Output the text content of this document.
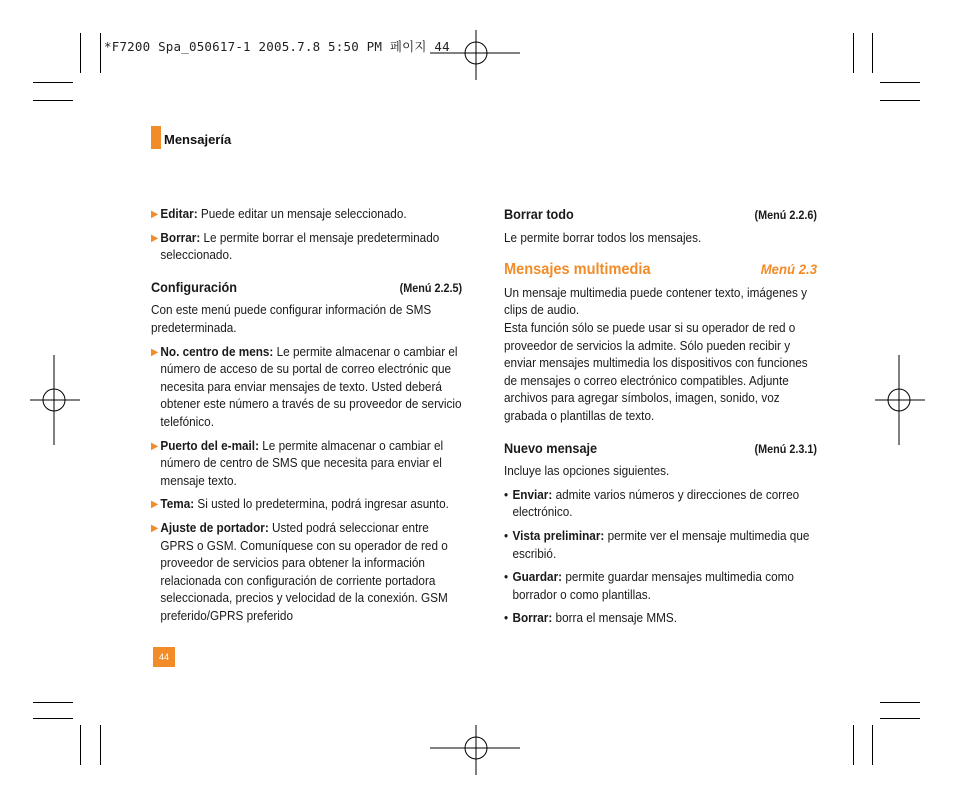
*F7200 Spa_050617-1 2005.7.8 5:50 PM 페이지 44
Mensajería
▶ Editar: Puede editar un mensaje seleccionado.
▶ Borrar: Le permite borrar el mensaje predeterminado seleccionado.
Configuración	(Menú 2.2.5)

Con este menú puede configurar información de SMS predeterminada.

▶ No. centro de mens: Le permite almacenar o cambiar el número de acceso de su portal de correo electrónic que necesita para enviar mensajes de texto. Usted deberá obtener este número a través de su proveedor de servicio telefónico.
▶ Puerto del e-mail: Le permite almacenar o cambiar el número de centro de SMS que necesita para enviar el mensaje texto.
▶ Tema: Si usted lo predetermina, podrá ingresar asunto.
▶ Ajuste de portador: Usted podrá seleccionar entre GPRS o GSM. Comuníquese con su operador de red o proveedor de servicios para obtener la información relacionada con configuración de corriente portadora seleccionada, precios y velocidad de la conexión. GSM preferido/GPRS preferido
Borrar todo	(Menú 2.2.6)

Le permite borrar todos los mensajes.

Mensajes multimedia	Menú 2.3

Un mensaje multimedia puede contener texto, imágenes y clips de audio.

Esta función sólo se puede usar si su operador de red o proveedor de servicios la admite. Sólo pueden recibir y enviar mensajes multimedia los dispositivos con funciones de mensajes o correo electrónico compatibles. Adjunte archivos para agregar símbolos, imagen, sonido, voz grabada o plantillas de texto.

Nuevo mensaje	(Menú 2.3.1)

Incluye las opciones siguientes.

• Enviar: admite varios números y direcciones de correo electrónico.
• Vista preliminar: permite ver el mensaje multimedia que escribió.
• Guardar: permite guardar mensajes multimedia como borrador o como plantillas.
• Borrar: borra el mensaje MMS.
44
